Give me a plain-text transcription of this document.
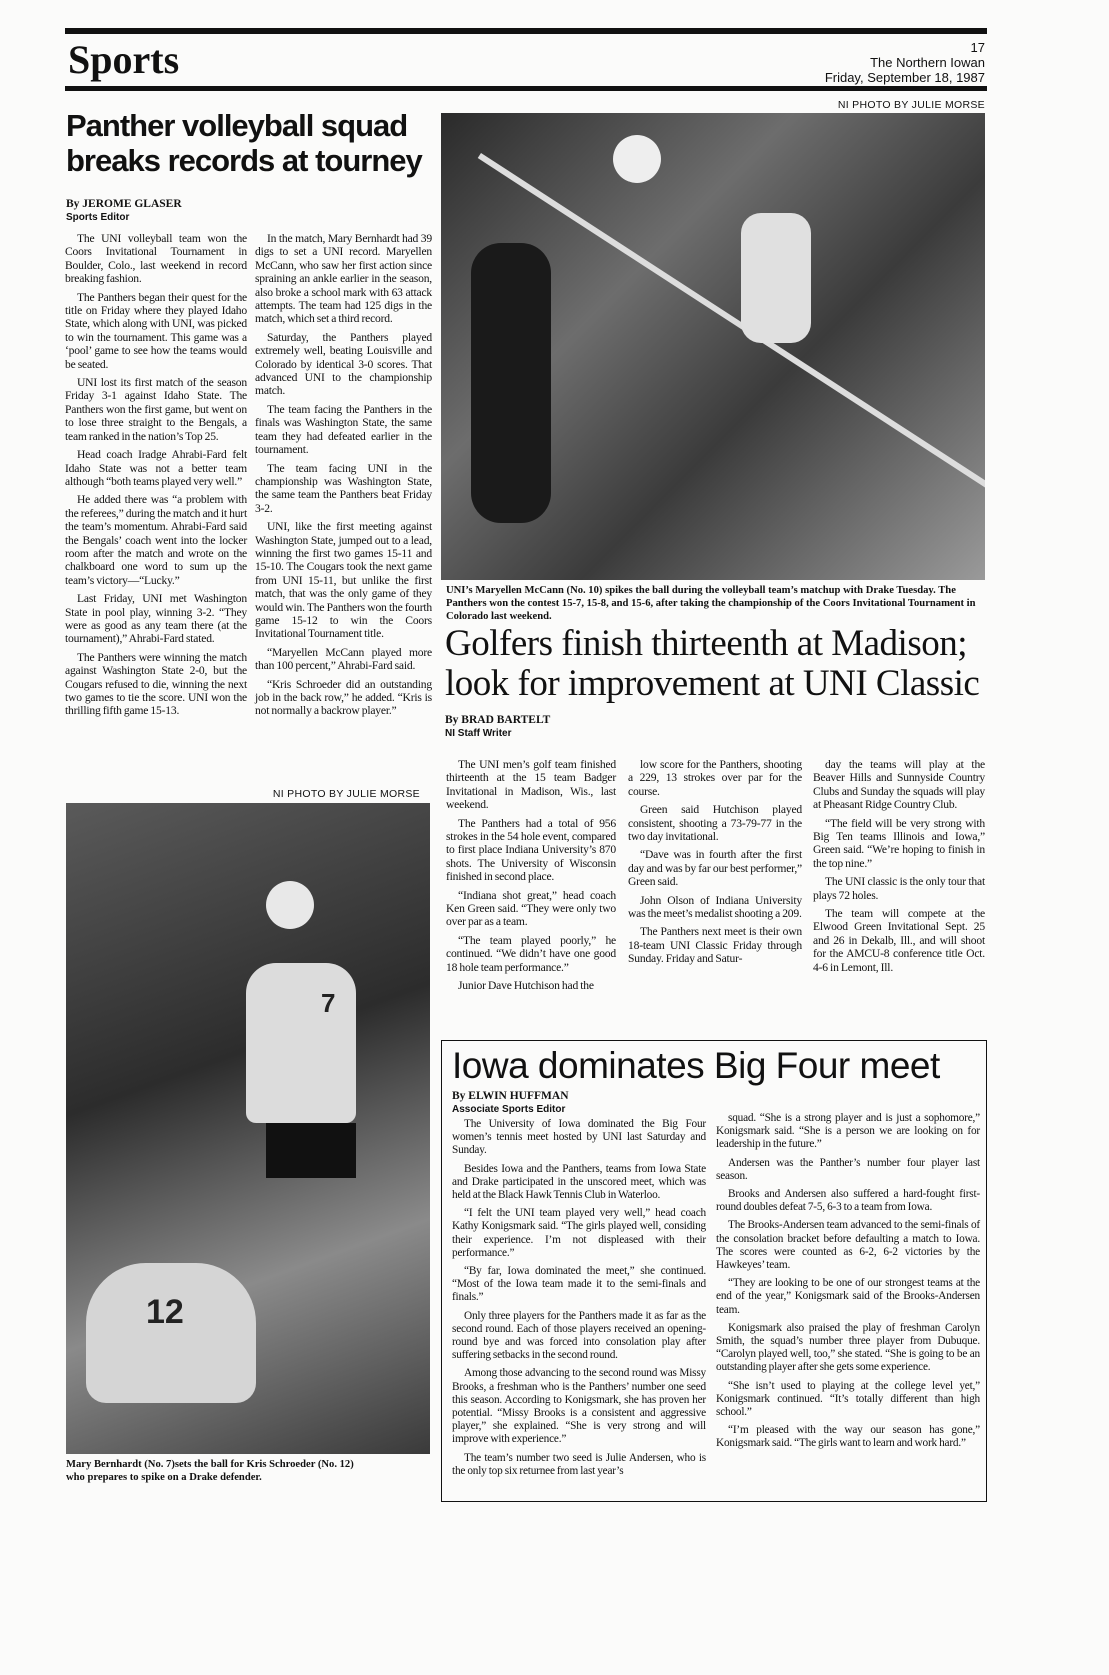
Sports	17
The Northern Iowan
Friday, September 18, 1987
Panther volleyball squad breaks records at tourney
By JEROME GLASER
Sports Editor

The UNI volleyball team won the Coors Invitational Tournament in Boulder, Colo., last weekend in record breaking fashion.

The Panthers began their quest for the title on Friday where they played Idaho State, which along with UNI, was picked to win the tournament. This game was a ‘pool’ game to see how the teams would be seated.

UNI lost its first match of the season Friday 3-1 against Idaho State. The Panthers won the first game, but went on to lose three straight to the Bengals, a team ranked in the nation’s Top 25.

Head coach Iradge Ahrabi-Fard felt Idaho State was not a better team although “both teams played very well.”

He added there was “a problem with the referees,” during the match and it hurt the team’s momentum. Ahrabi-Fard said the Bengals’ coach went into the locker room after the match and wrote on the chalkboard one word to sum up the team’s victory—“Lucky.”

Last Friday, UNI met Washington State in pool play, winning 3-2. “They were as good as any team there (at the tournament),” Ahrabi-Fard stated.

The Panthers were winning the match against Washington State 2-0, but the Cougars refused to die, winning the next two games to tie the score. UNI won the thrilling fifth game 15-13.

In the match, Mary Bernhardt had 39 digs to set a UNI record. Maryellen McCann, who saw her first action since spraining an ankle earlier in the season, also broke a school mark with 63 attack attempts. The team had 125 digs in the match, which set a third record.

Saturday, the Panthers played extremely well, beating Louisville and Colorado by identical 3-0 scores. That advanced UNI to the championship match.

The team facing the Panthers in the finals was Washington State, the same team they had defeated earlier in the tournament.

The team facing UNI in the championship was Washington State, the same team the Panthers beat Friday 3-2.

UNI, like the first meeting against Washington State, jumped out to a lead, winning the first two games 15-11 and 15-10. The Cougars took the next game from UNI 15-11, but unlike the first match, that was the only game of they would win. The Panthers won the fourth game 15-12 to win the Coors Invitational Tournament title.

“Maryellen McCann played more than 100 percent,” Ahrabi-Fard said.

“Kris Schroeder did an outstanding job in the back row,” he added. “Kris is not normally a backrow player.”

NI PHOTO BY JULIE MORSE
7
12
Mary Bernhardt (No. 7)sets the ball for Kris Schroeder (No. 12) who prepares to spike on a Drake defender.
NI PHOTO BY JULIE MORSE
UNI’s Maryellen McCann (No. 10) spikes the ball during the volleyball team’s matchup with Drake Tuesday. The Panthers won the contest 15-7, 15-8, and 15-6, after taking the championship of the Coors Invitational Tournament in Colorado last weekend.
Golfers finish thirteenth at Madison; look for improvement at UNI Classic
By BRAD BARTELT
NI Staff Writer

The UNI men’s golf team finished thirteenth at the 15 team Badger Invitational in Madison, Wis., last weekend.

The Panthers had a total of 956 strokes in the 54 hole event, compared to first place Indiana University’s 870 shots. The University of Wisconsin finished in second place.

“Indiana shot great,” head coach Ken Green said. “They were only two over par as a team.

“The team played poorly,” he continued. “We didn’t have one good 18 hole team performance.”

Junior Dave Hutchison had the

low score for the Panthers, shooting a 229, 13 strokes over par for the course.

Green said Hutchison played consistent, shooting a 73-79-77 in the two day invitational.

“Dave was in fourth after the first day and was by far our best performer,” Green said.

John Olson of Indiana University was the meet’s medalist shooting a 209.

The Panthers next meet is their own 18-team UNI Classic Friday through Sunday. Friday and Satur-

day the teams will play at the Beaver Hills and Sunnyside Country Clubs and Sunday the squads will play at Pheasant Ridge Country Club.

“The field will be very strong with Big Ten teams Illinois and Iowa,” Green said. “We’re hoping to finish in the top nine.”

The UNI classic is the only tour that plays 72 holes.

The team will compete at the Elwood Green Invitational Sept. 25 and 26 in Dekalb, Ill., and will shoot for the AMCU-8 conference title Oct. 4-6 in Lemont, Ill.

Iowa dominates Big Four meet
By ELWIN HUFFMAN
Associate Sports Editor

The University of Iowa dominated the Big Four women’s tennis meet hosted by UNI last Saturday and Sunday.

Besides Iowa and the Panthers, teams from Iowa State and Drake participated in the unscored meet, which was held at the Black Hawk Tennis Club in Waterloo.

“I felt the UNI team played very well,” head coach Kathy Konigsmark said. “The girls played well, considing their experience. I’m not displeased with their performance.”

“By far, Iowa dominated the meet,” she continued. “Most of the Iowa team made it to the semi-finals and finals.”

Only three players for the Panthers made it as far as the second round. Each of those players received an opening-round bye and was forced into consolation play after suffering setbacks in the second round.

Among those advancing to the second round was Missy Brooks, a freshman who is the Panthers’ number one seed this season. According to Konigsmark, she has proven her potential. “Missy Brooks is a consistent and aggressive player,” she explained. “She is very strong and will improve with experience.”

The team’s number two seed is Julie Andersen, who is the only top six returnee from last year’s

squad. “She is a strong player and is just a sophomore,” Konigsmark said. “She is a person we are looking on for leadership in the future.”

Andersen was the Panther’s number four player last season.

Brooks and Andersen also suffered a hard-fought first-round doubles defeat 7-5, 6-3 to a team from Iowa.

The Brooks-Andersen team advanced to the semi-finals of the consolation bracket before defaulting a match to Iowa. The scores were counted as 6-2, 6-2 victories by the Hawkeyes’ team.

“They are looking to be one of our strongest teams at the end of the year,” Konigsmark said of the Brooks-Andersen team.

Konigsmark also praised the play of freshman Carolyn Smith, the squad’s number three player from Dubuque. “Carolyn played well, too,” she stated. “She is going to be an outstanding player after she gets some experience.

“She isn’t used to playing at the college level yet,” Konigsmark continued. “It’s totally different than high school.”

“I’m pleased with the way our season has gone,” Konigsmark said. “The girls want to learn and work hard.”
